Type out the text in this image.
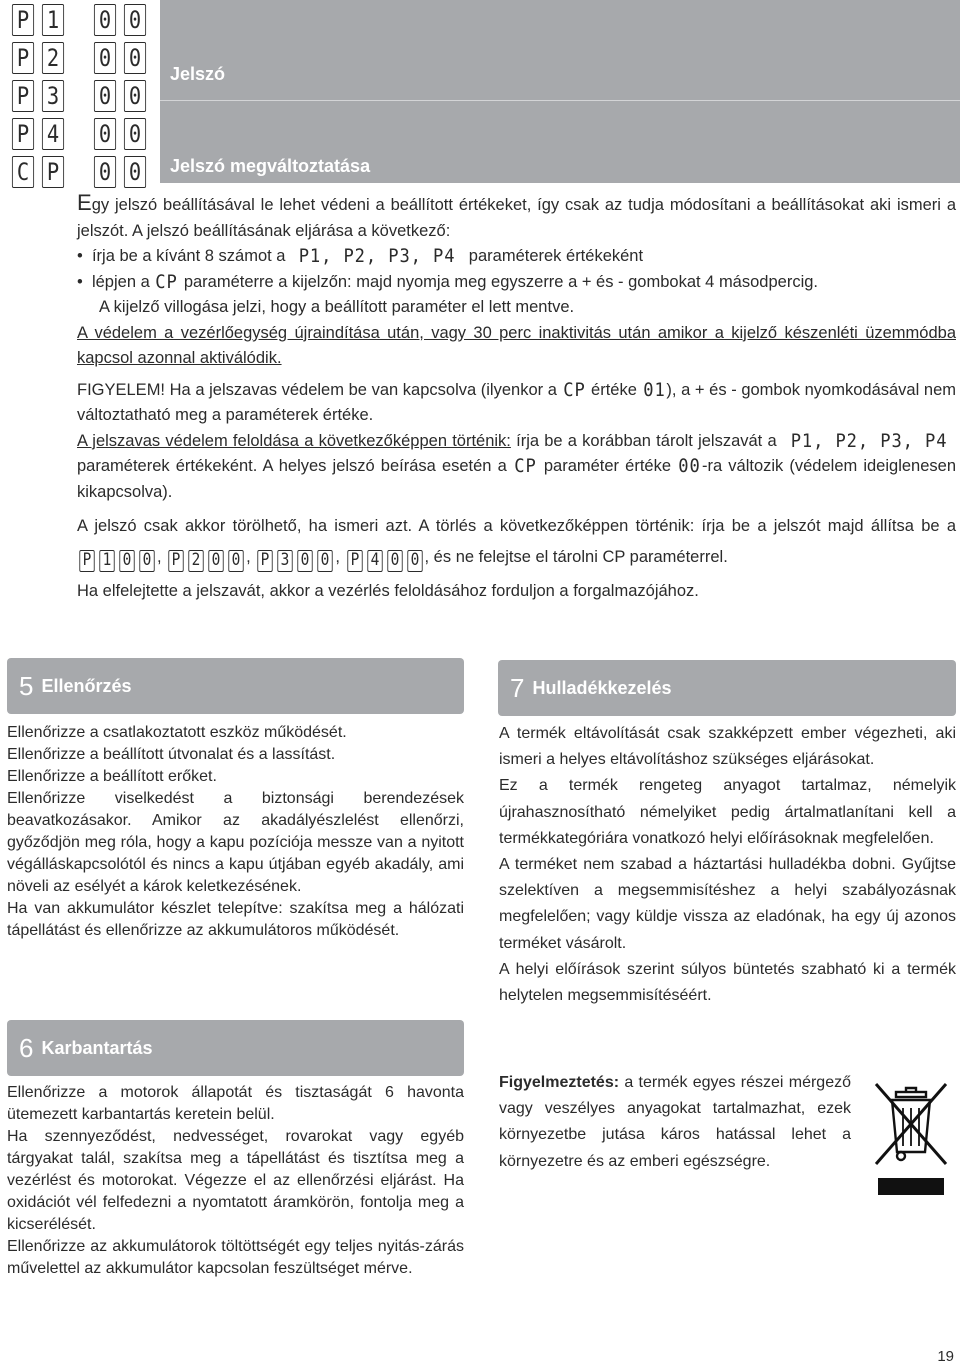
P 1 0 0
P 2 0 0
P 3 0 0
P 4 0 0
C P 0 0
Jelszó
Jelszó megváltoztatása

Egy jelszó beállításával le lehet védeni a beállított értékeket, így csak az tudja módosítani a beállításokat aki ismeri a jelszót. A jelszó beállításának eljárása a következő:

•  írja be a kívánt 8 számot a P1, P2, P3, P4 paraméterek értékeként
•  lépjen a CP paraméterre a kijelzőn: majd nyomja meg egyszerre a + és - gombokat 4 másodpercig.
A kijelző villogása jelzi, hogy a beállított paraméter el lett mentve.

A védelem a vezérlőegység újraindítása után, vagy 30 perc inaktivitás után amikor a kijelző készenléti üzemmódba kapcsol azonnal aktiválódik.

FIGYELEM! Ha a jelszavas védelem be van kapcsolva (ilyenkor a CP értéke 01), a + és - gombok nyomkodásával nem változtatható meg a paraméterek értéke.

A jelszavas védelem feloldása a következőképpen történik: írja be a korábban tárolt jelszavát a P1, P2, P3, P4 paraméterek értékeként. A helyes jelszó beírása esetén a CP paraméter értéke 00-ra változik (védelem ideiglenesen kikapcsolva).

A jelszó csak akkor törölhető, ha ismeri azt. A törlés a következőképpen történik: írja be a jelszót majd állítsa be a
P 1 0 0 , P 2 0 0 , P 3 0 0 , P 4 0 0 , és ne felejtse el tárolni CP paraméterrel.

Ha elfelejtette a jelszavát, akkor a vezérlés feloldásához forduljon a forgalmazójához.

5 Ellenőrzés

Ellenőrizze a csatlakoztatott eszköz működését.

Ellenőrizze a beállított útvonalat és a lassítást.

Ellenőrizze a beállított erőket.

Ellenőrizze viselkedést a biztonsági berendezések beavatkozásakor. Amikor az akadályészlelést ellenőrzi, győződjön meg róla, hogy a kapu pozíciója messze van a nyitott végálláskapcsolótól és nincs a kapu útjában egyéb akadály, ami növeli az esélyét a károk keletkezésének.

Ha van akkumulátor készlet telepítve: szakítsa meg a hálózati tápellátást és ellenőrizze az akkumulátoros működését.

6 Karbantartás

Ellenőrizze a motorok állapotát és tisztaságát 6 havonta ütemezett karbantartás keretein belül.

Ha szennyeződést, nedvességet, rovarokat vagy egyéb tárgyakat talál, szakítsa meg a tápellátást és tisztítsa meg a vezérlést és motorokat. Végezze el az ellenőrzési eljárást. Ha oxidációt vél felfedezni a nyomtatott áramkörön, fontolja meg a kicserélését.

Ellenőrizze az akkumulátorok töltöttségét egy teljes nyitás-zárás művelettel az akkumulátor kapcsolan feszültséget mérve.

7 Hulladékkezelés

A termék eltávolítását csak szakképzett ember végezheti, aki ismeri a helyes eltávolításhoz szükséges eljárásokat.

Ez a termék rengeteg anyagot tartalmaz, némelyik újrahasznosítható némelyiket pedig ártalmatlanítani kell a termékkategóriára vonatkozó helyi előírásoknak megfelelően.

A terméket nem szabad a háztartási hulladékba dobni. Gyűjtse szelektíven a megsemmisítéshez a helyi szabályozásnak megfelelően; vagy küldje vissza az eladónak, ha egy új azonos terméket vásárolt.

A helyi előírások szerint súlyos büntetés szabható ki a termék helytelen megsemmisítéséért.

Figyelmeztetés: a termék egyes részei mérgező vagy veszélyes anyagokat tartalmazhat, ezek környezetbe jutása káros hatással lehet a környezetre és az emberi egészségre.

19
